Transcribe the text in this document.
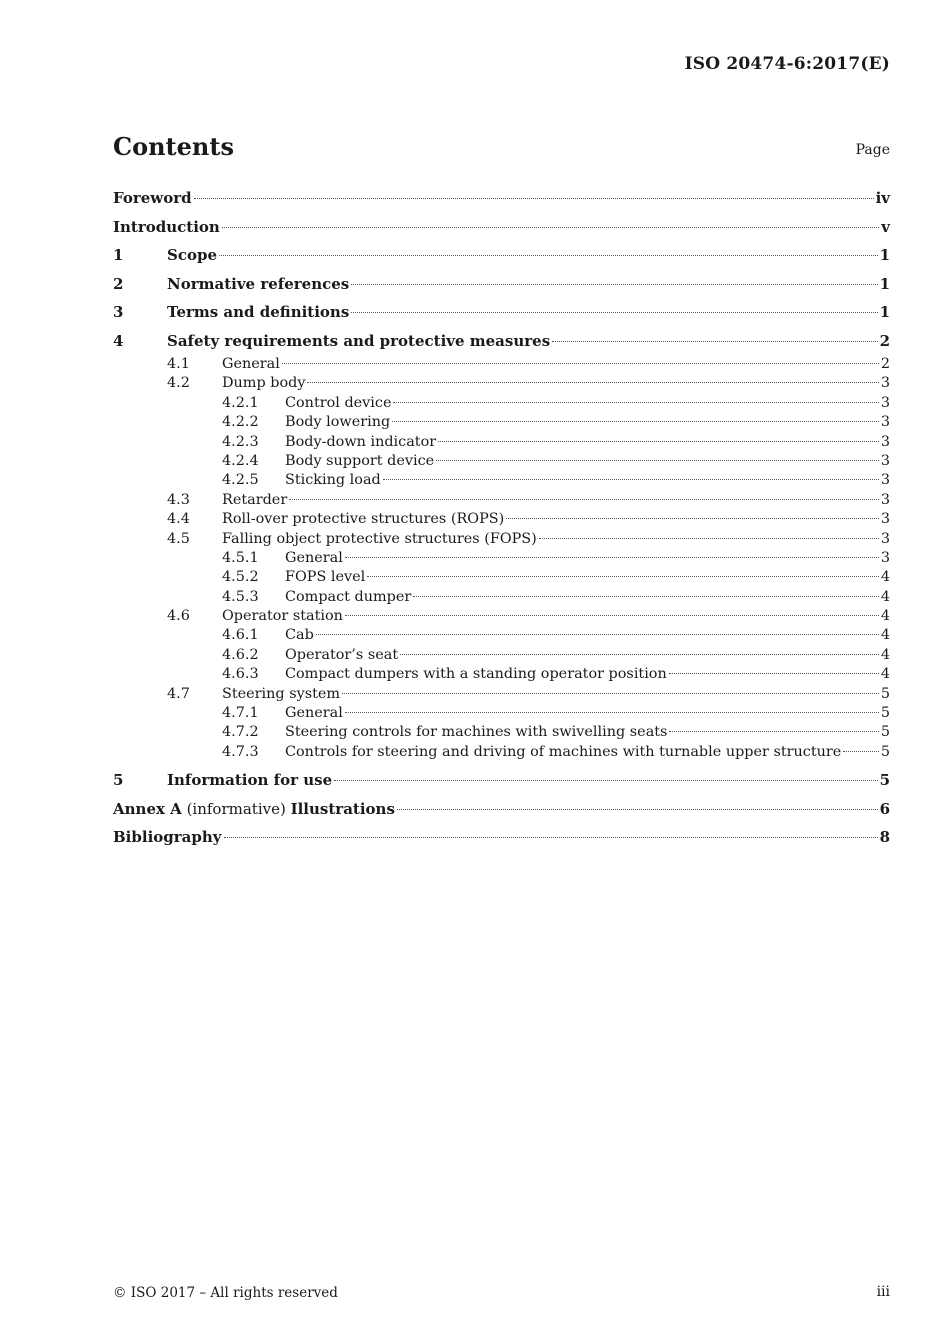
ISO 20474-6:2017(E)
Contents	Page
Foreword	iv
Introduction	v
1	Scope	1
2	Normative references	1
3	Terms and definitions	1
4	Safety requirements and protective measures	2
4.1	General	2
4.2	Dump body	3
4.2.1	Control device	3
4.2.2	Body lowering	3
4.2.3	Body-down indicator	3
4.2.4	Body support device	3
4.2.5	Sticking load	3
4.3	Retarder	3
4.4	Roll-over protective structures (ROPS)	3
4.5	Falling object protective structures (FOPS)	3
4.5.1	General	3
4.5.2	FOPS level	4
4.5.3	Compact dumper	4
4.6	Operator station	4
4.6.1	Cab	4
4.6.2	Operator’s seat	4
4.6.3	Compact dumpers with a standing operator position	4
4.7	Steering system	5
4.7.1	General	5
4.7.2	Steering controls for machines with swivelling seats	5
4.7.3	Controls for steering and driving of machines with turnable upper structure	5
5	Information for use	5
Annex A (informative) Illustrations	6
Bibliography	8
© ISO 2017 – All rights reserved	iii
